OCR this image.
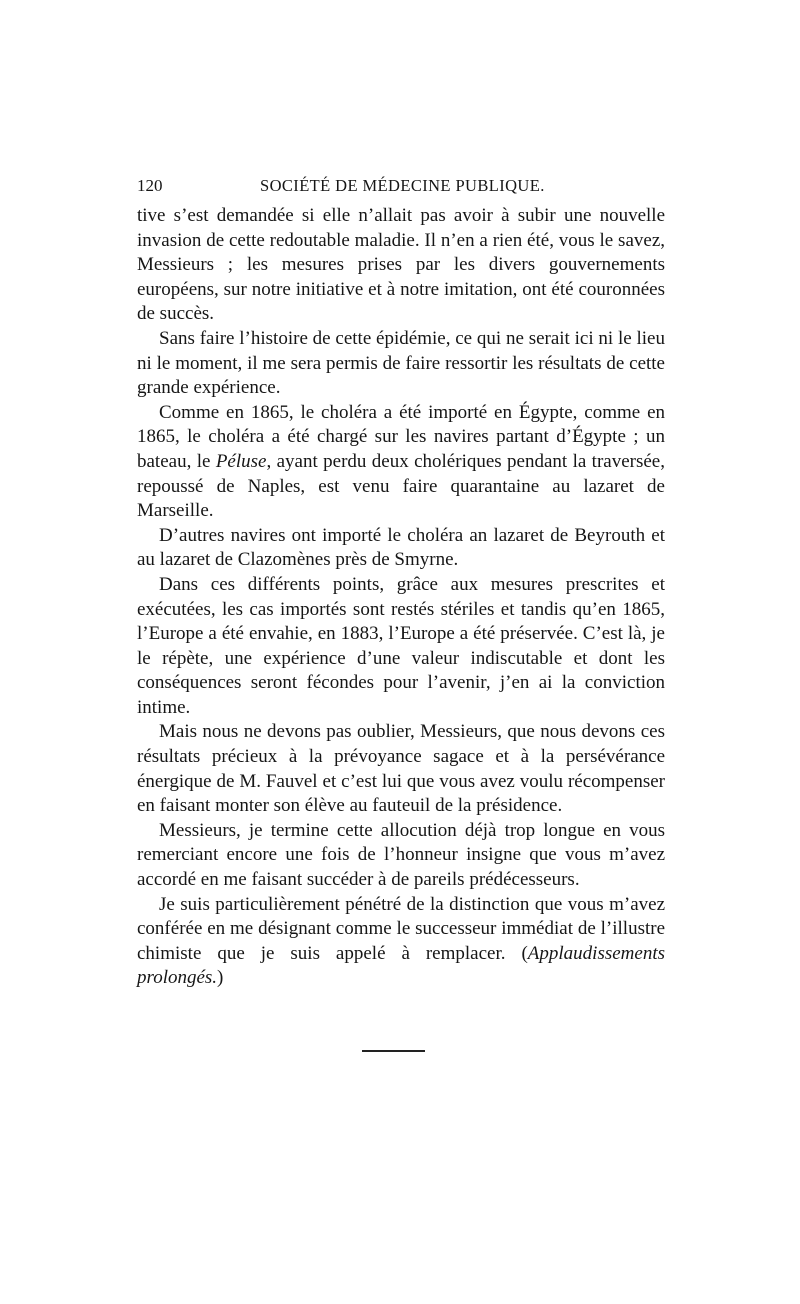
120	SOCIÉTÉ DE MÉDECINE PUBLIQUE.

tive s’est demandée si elle n’allait pas avoir à subir une nouvelle invasion de cette redoutable maladie. Il n’en a rien été, vous le savez, Messieurs ; les mesures prises par les divers gouvernements européens, sur notre initiative et à notre imitation, ont été couronnées de succès.

Sans faire l’histoire de cette épidémie, ce qui ne serait ici ni le lieu ni le moment, il me sera permis de faire ressortir les résultats de cette grande expérience.

Comme en 1865, le choléra a été importé en Égypte, comme en 1865, le choléra a été chargé sur les navires partant d’Égypte ; un bateau, le Péluse, ayant perdu deux cholériques pendant la traversée, repoussé de Naples, est venu faire quarantaine au lazaret de Marseille.

D’autres navires ont importé le choléra an lazaret de Beyrouth et au lazaret de Clazomènes près de Smyrne.

Dans ces différents points, grâce aux mesures prescrites et exécutées, les cas importés sont restés stériles et tandis qu’en 1865, l’Europe a été envahie, en 1883, l’Europe a été préservée. C’est là, je le répète, une expérience d’une valeur indiscutable et dont les conséquences seront fécondes pour l’avenir, j’en ai la conviction intime.

Mais nous ne devons pas oublier, Messieurs, que nous devons ces résultats précieux à la prévoyance sagace et à la persévérance énergique de M. Fauvel et c’est lui que vous avez voulu récompenser en faisant monter son élève au fauteuil de la présidence.

Messieurs, je termine cette allocution déjà trop longue en vous remerciant encore une fois de l’honneur insigne que vous m’avez accordé en me faisant succéder à de pareils prédécesseurs.

Je suis particulièrement pénétré de la distinction que vous m’avez conférée en me désignant comme le successeur immédiat de l’illustre chimiste que je suis appelé à remplacer. (Applaudissements prolongés.)
